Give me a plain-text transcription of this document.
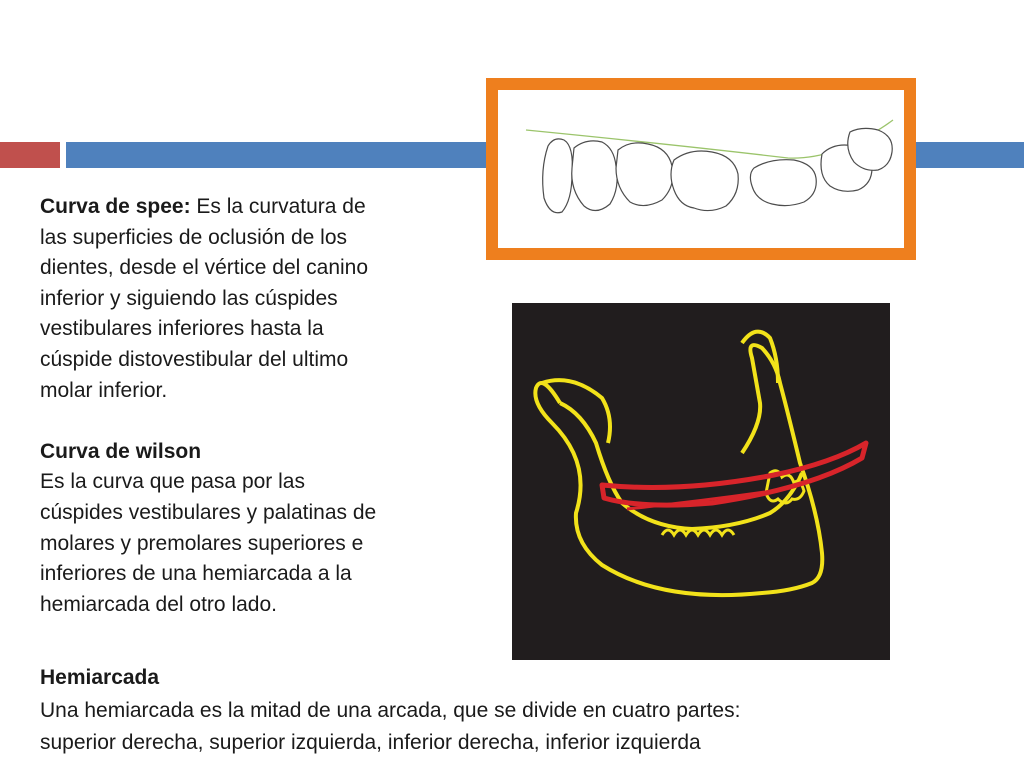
Curva de spee: Es la curvatura de
las superficies de oclusión de los
dientes, desde el vértice del canino
inferior y siguiendo las cúspides
vestibulares inferiores hasta la
cúspide distovestibular del ultimo
molar inferior.

Curva de wilson
Es la curva que pasa por las
cúspides vestibulares y palatinas de
molares y premolares superiores e
inferiores de una hemiarcada a la
hemiarcada del otro lado.

Hemiarcada
Una hemiarcada es la mitad de una arcada, que se divide en cuatro partes:
superior derecha, superior izquierda, inferior derecha, inferior izquierda
